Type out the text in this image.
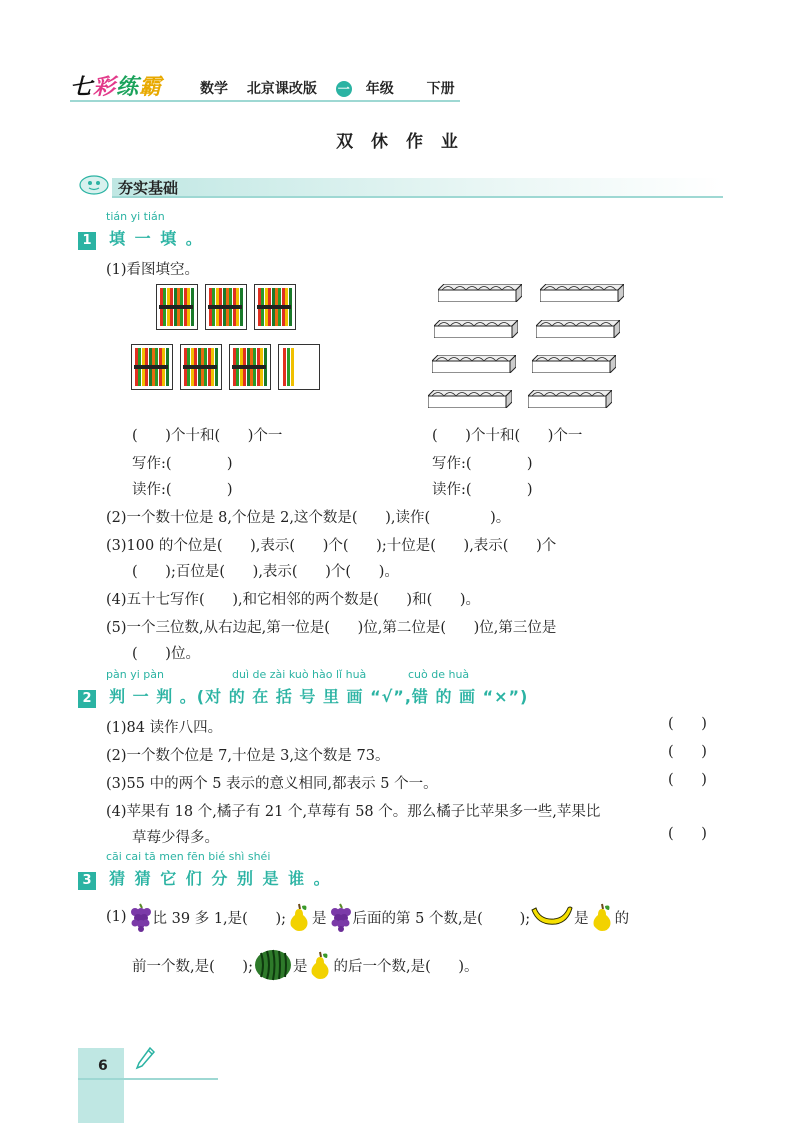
七彩练霸	数学 北京课改版 一 年级 下册
双 休 作 业
夯实基础
tián yi tián
1 填 一 填 。
(1)看图填空。
(      )个十和(      )个一
写作:(            )
读作:(            )
(      )个十和(      )个一
写作:(            )
读作:(            )
(2)一个数十位是 8,个位是 2,这个数是(      ),读作(             )。
(3)100 的个位是(      ),表示(      )个(      );十位是(      ),表示(      )个
(      );百位是(      ),表示(      )个(      )。
(4)五十七写作(      ),和它相邻的两个数是(      )和(      )。
(5)一个三位数,从右边起,第一位是(      )位,第二位是(      )位,第三位是
(      )位。
pàn yi pàn	duì de zài kuò hào lǐ huà	cuò de huà
2 判 一 判 。(对 的 在 括 号 里 画 “√”,错 的 画 “×”)
(1)84 读作八四。	(      )
(2)一个数个位是 7,十位是 3,这个数是 73。	(      )
(3)55 中的两个 5 表示的意义相同,都表示 5 个一。	(      )
(4)苹果有 18 个,橘子有 21 个,草莓有 58 个。那么橘子比苹果多一些,苹果比
草莓少得多。	(      )
cāi cai tā men fēn bié shì shéi
3 猜 猜 它 们 分 别 是 谁 。
(1) 比 39 多 1,是(      ); 是 后面的第 5 个数,是(        );	是 的
前一个数,是(      );	是 的后一个数,是(      )。
6
